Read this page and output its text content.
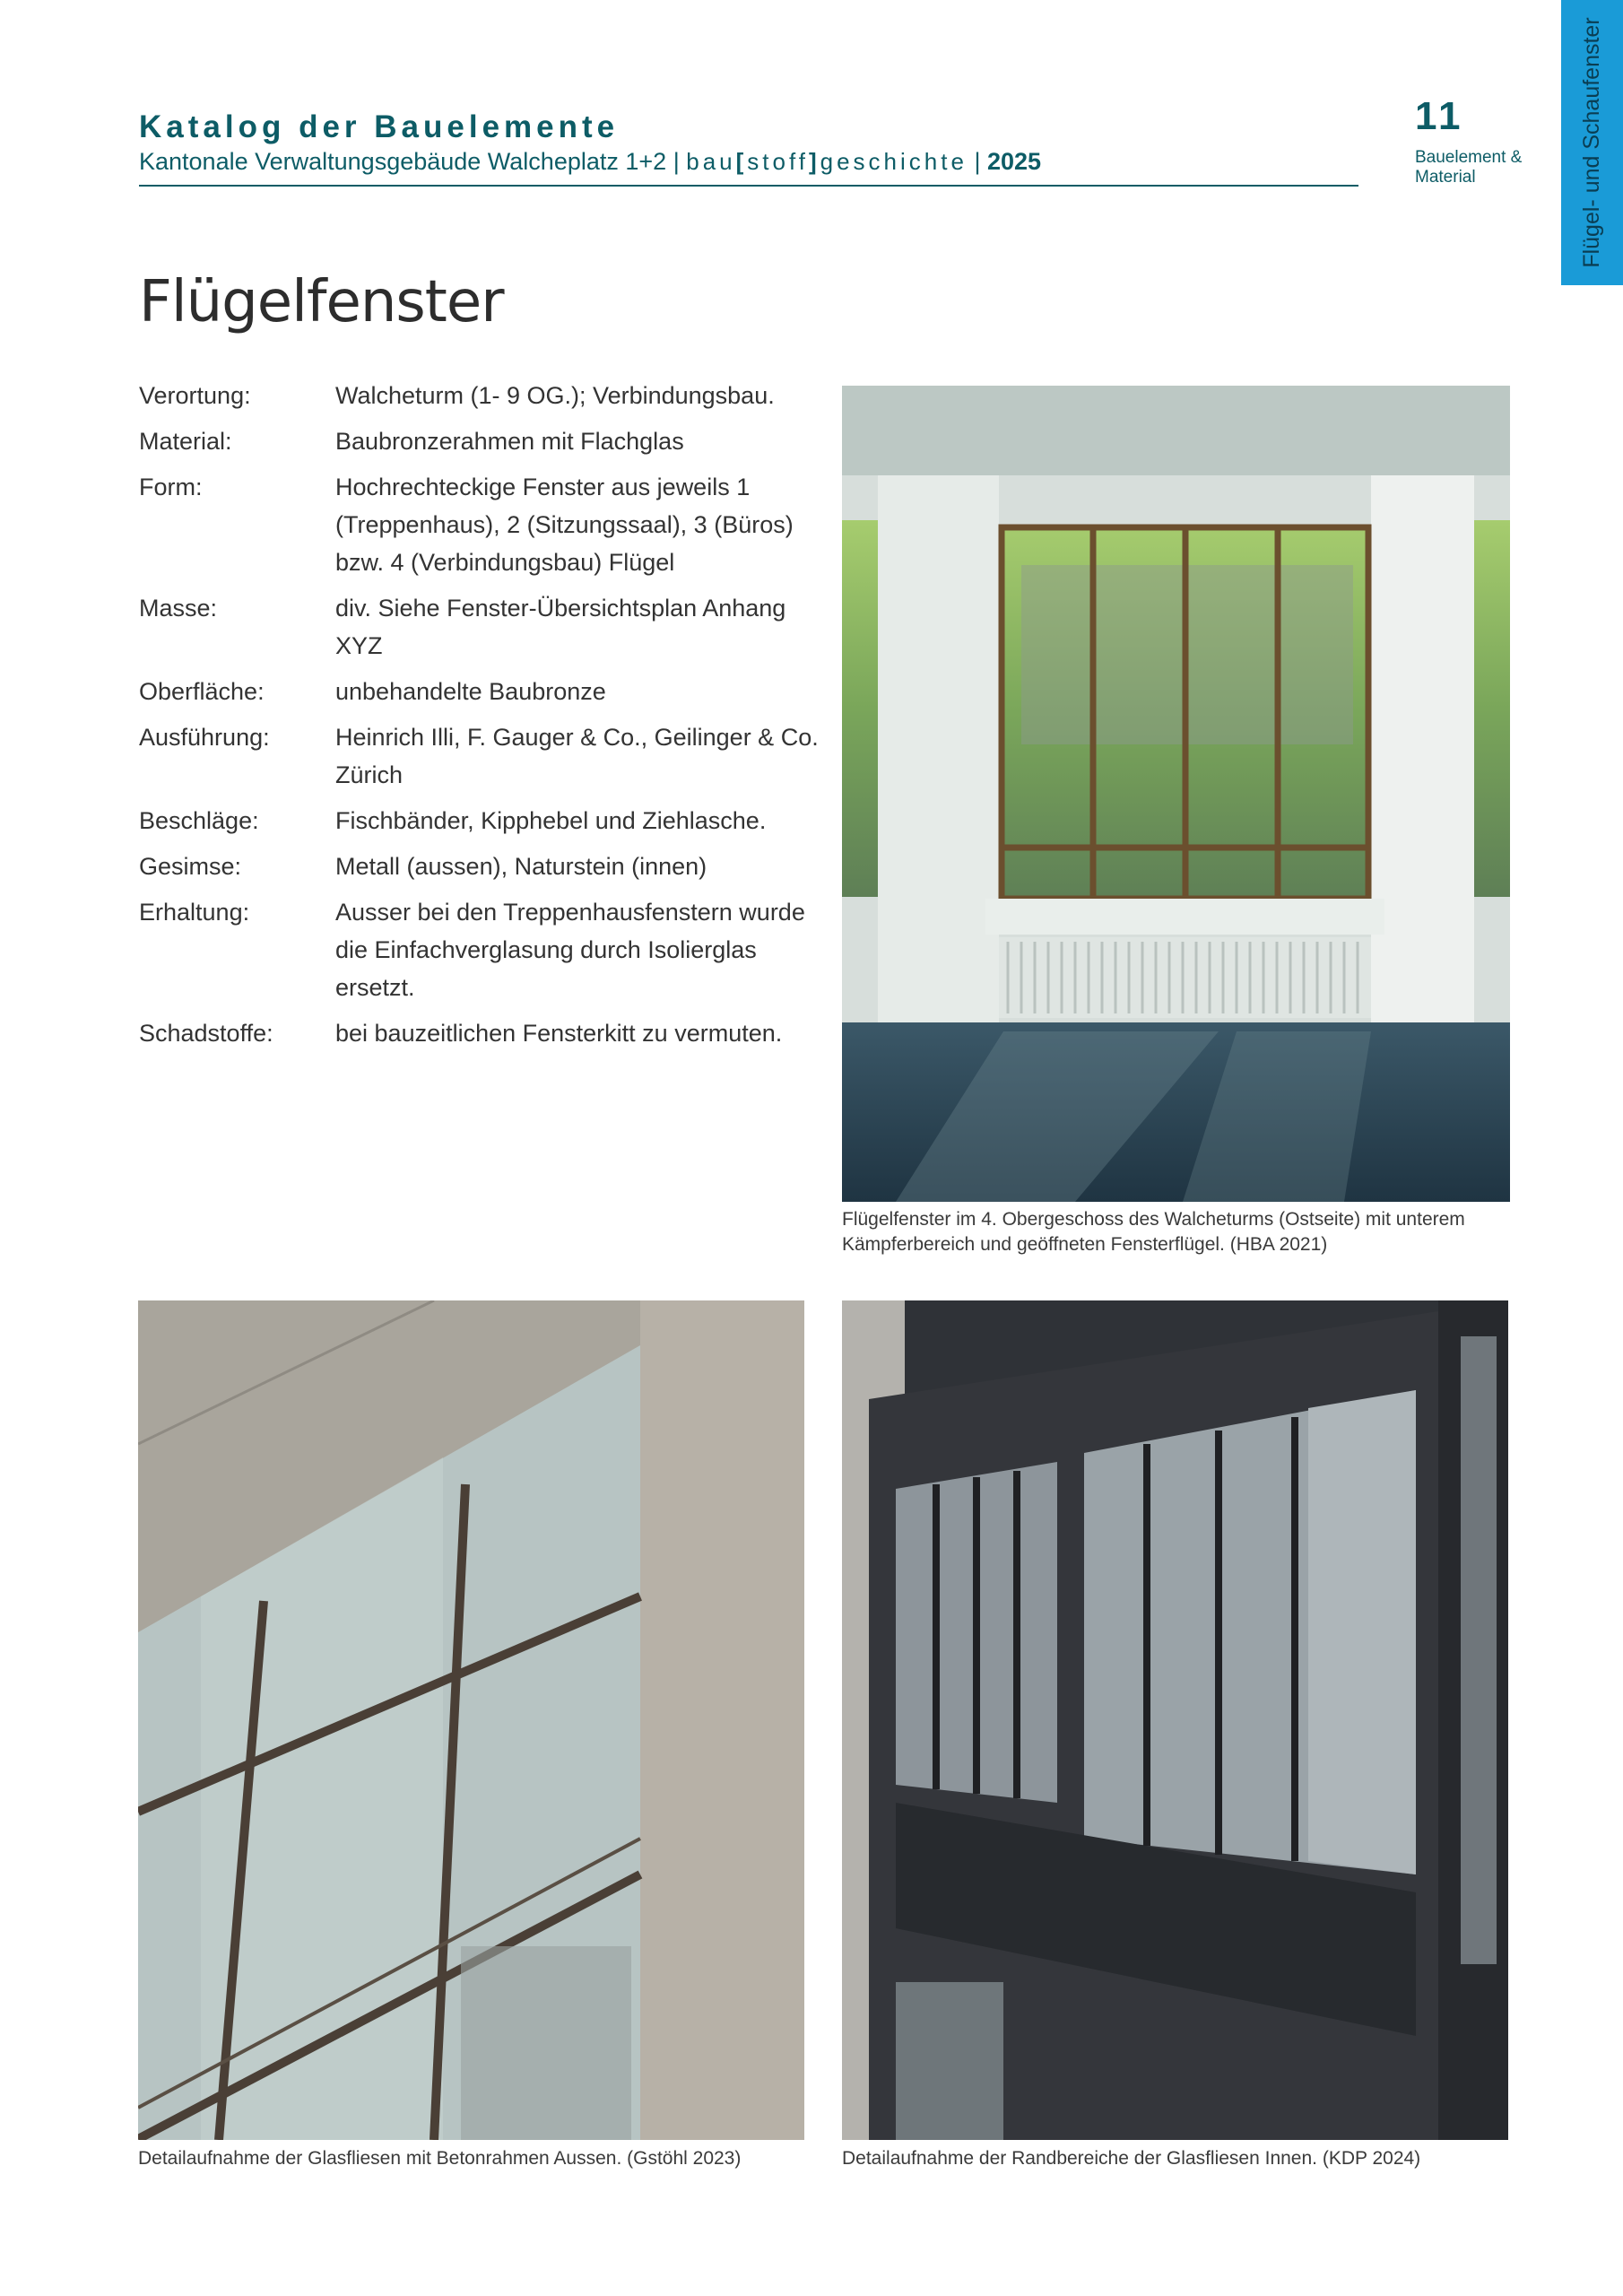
Katalog der Bauelemente
Kantonale Verwaltungsgebäude Walcheplatz 1+2 | bau[stoff]geschichte | 2025
11
Bauelement & Material	Flügel- und Schaufenster
Flügelfenster
Verortung:	Walcheturm (1- 9 OG.); Verbindungsbau.
Material:	Baubronzerahmen mit Flachglas
Form:	Hochrechteckige Fenster aus jeweils 1 (Treppenhaus), 2 (Sitzungssaal), 3 (Büros) bzw. 4 (Verbindungsbau) Flügel
Masse:	div. Siehe Fenster-Übersichtsplan Anhang XYZ
Oberfläche:	unbehandelte Baubronze
Ausführung:	Heinrich Illi, F. Gauger & Co., Geilinger & Co. Zürich
Beschläge:	Fischbänder, Kipphebel und Ziehlasche.
Gesimse:	Metall (aussen), Naturstein (innen)
Erhaltung:	Ausser bei den Treppenhausfenstern wurde die Einfachverglasung durch Isolierglas ersetzt.
Schadstoffe:	bei bauzeitlichen Fensterkitt zu vermuten.
Flügelfenster im 4. Obergeschoss des Walcheturms (Ostseite) mit unterem Kämpferbereich und geöffneten Fensterflügel. (HBA 2021)
Detailaufnahme der Glasfliesen mit Betonrahmen Aussen. (Gstöhl 2023)	Detailaufnahme der Randbereiche der Glasfliesen Innen. (KDP 2024)
